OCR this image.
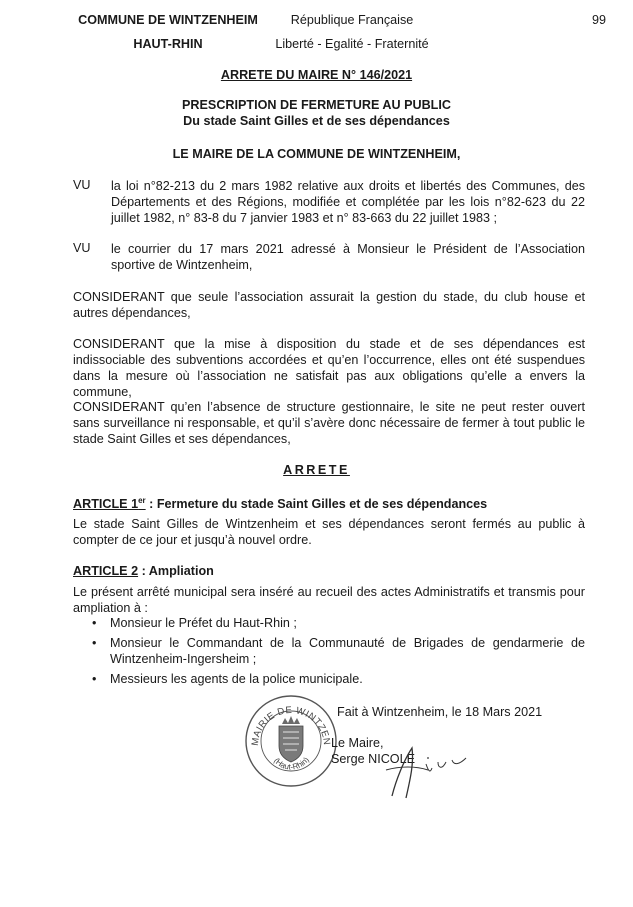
COMMUNE DE WINTZENHEIM
HAUT-RHIN
République Française
Liberté - Egalité - Fraternité
99
ARRETE DU MAIRE N° 146/2021
PRESCRIPTION DE FERMETURE AU PUBLIC
Du stade Saint Gilles et de ses dépendances
LE MAIRE DE LA COMMUNE DE WINTZENHEIM,
VU la loi n°82-213 du 2 mars 1982 relative aux droits et libertés des Communes, des Départements et des Régions, modifiée et complétée par les lois n°82-623 du 22 juillet 1982, n° 83-8 du 7 janvier 1983 et n° 83-663 du 22 juillet 1983 ;
VU le courrier du 17 mars 2021 adressé à Monsieur le Président de l’Association sportive de Wintzenheim,
CONSIDERANT que seule l’association assurait la gestion du stade, du club house et autres dépendances,
CONSIDERANT que la mise à disposition du stade et de ses dépendances est indissociable des subventions accordées et qu’en l’occurrence, elles ont été suspendues dans la mesure où l’association ne satisfait pas aux obligations qu’elle a envers la commune,
CONSIDERANT qu’en l’absence de structure gestionnaire, le site ne peut rester ouvert sans surveillance ni responsable, et qu’il s’avère donc nécessaire de fermer à tout public le stade Saint Gilles et ses dépendances,
ARRETE
ARTICLE 1er : Fermeture du stade Saint Gilles et de ses dépendances
Le stade Saint Gilles de Wintzenheim et ses dépendances seront fermés au public à compter de ce jour et jusqu’à nouvel ordre.
ARTICLE 2 : Ampliation
Le présent arrêté municipal sera inséré au recueil des actes Administratifs et transmis pour ampliation à :
• Monsieur le Préfet du Haut-Rhin ;
• Monsieur le Commandant de la Communauté de Brigades de gendarmerie de Wintzenheim-Ingersheim ;
• Messieurs les agents de la police municipale.
MAIRIE DE WINTZEN
(Haut-Rhin)
Fait à Wintzenheim, le 18 Mars 2021
Le Maire,
Serge NICOLE
